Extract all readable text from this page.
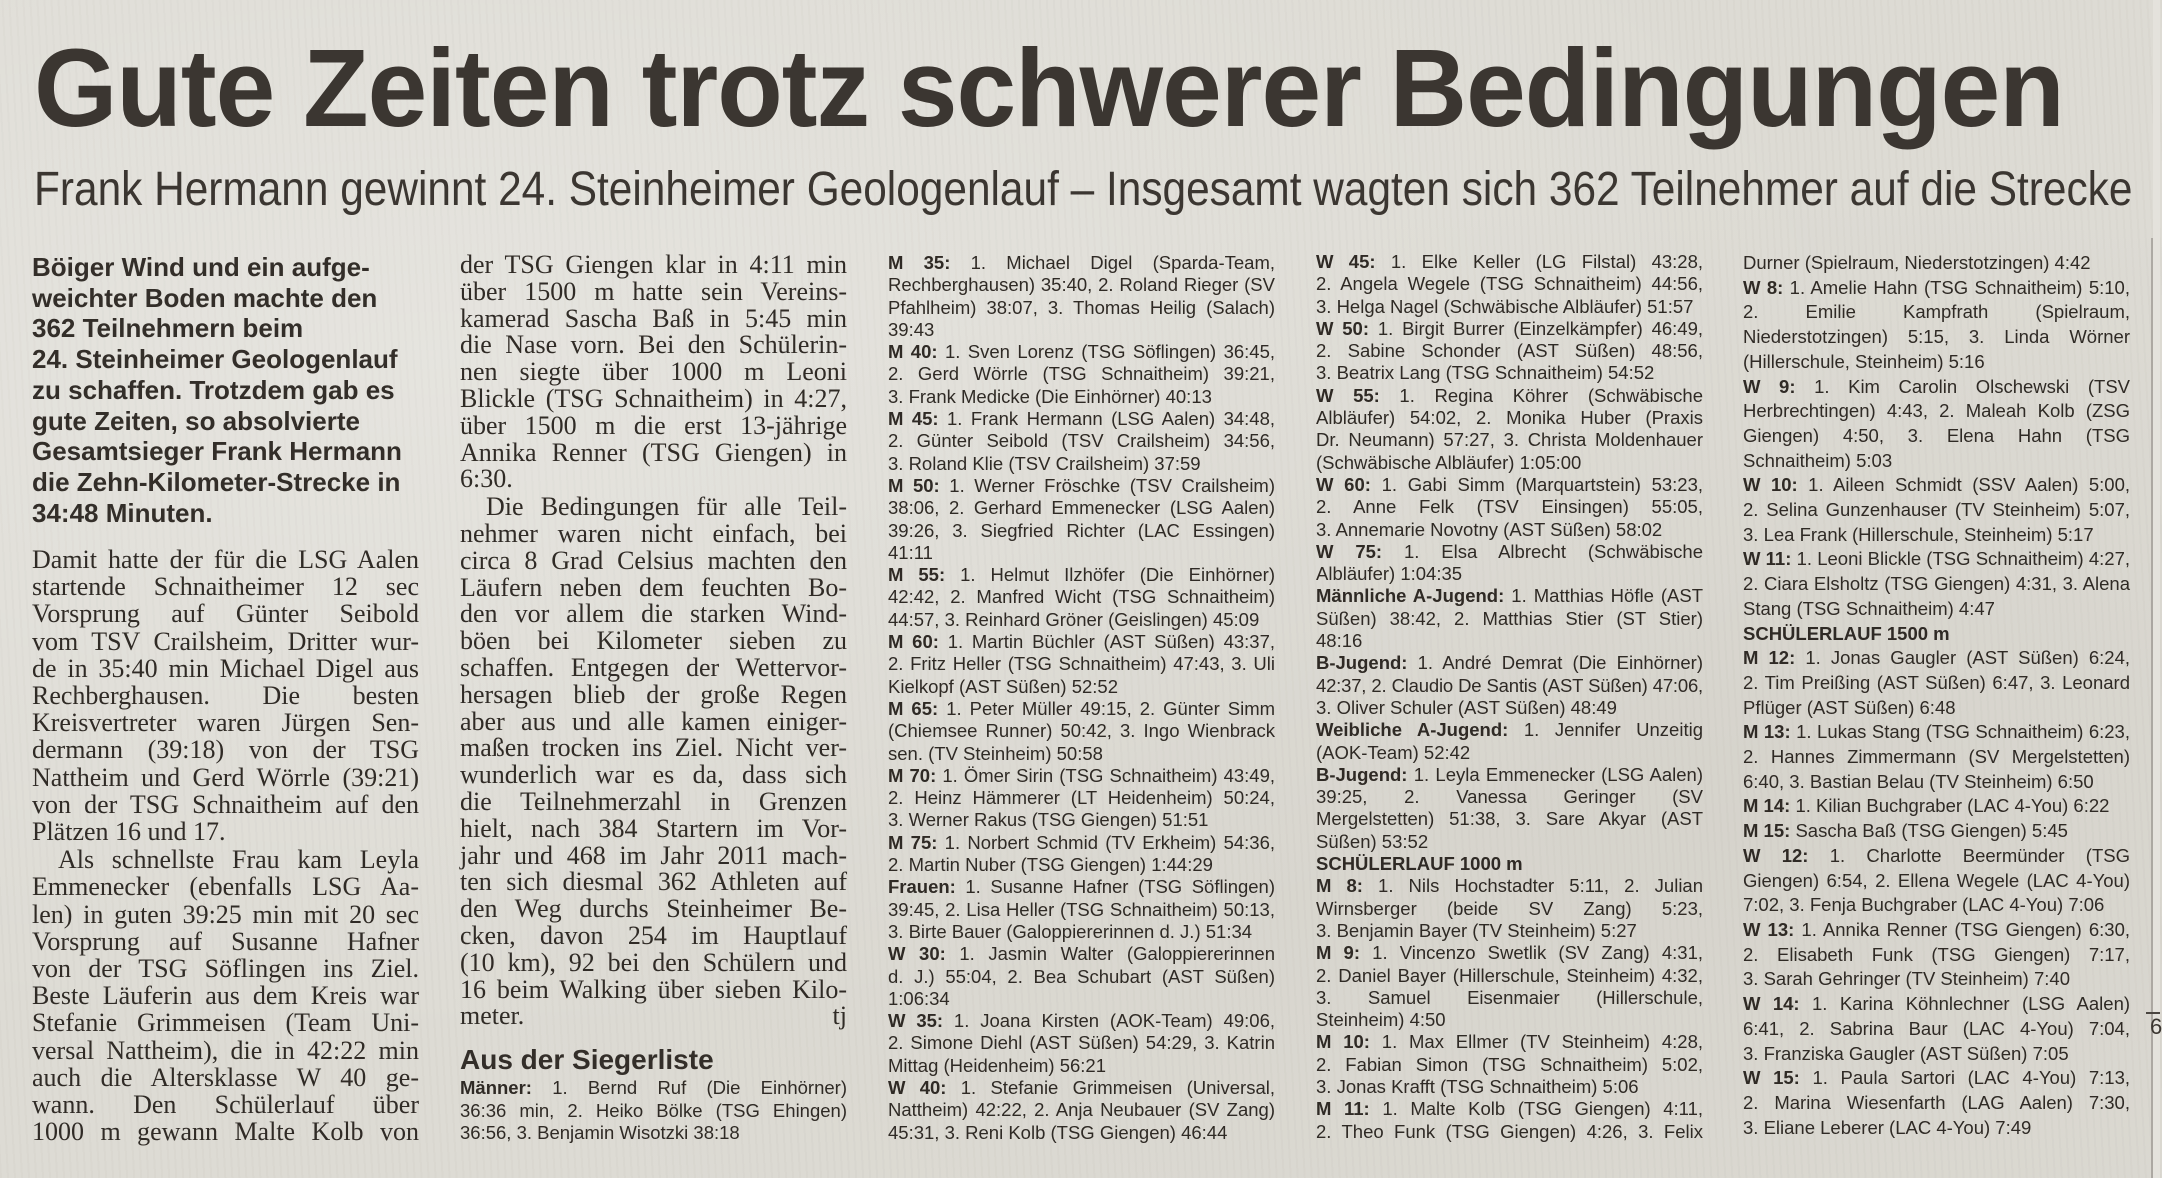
Gute Zeiten trotz schwerer Bedingungen
Frank Hermann gewinnt 24. Steinheimer Geologenlauf – Insgesamt wagten sich 362 Teilnehmer auf die Strecke
Böiger Wind und ein aufge-
weichter Boden machte den
362 Teilnehmern beim
24. Steinheimer Geologenlauf
zu schaffen. Trotzdem gab es
gute Zeiten, so absolvierte
Gesamtsieger Frank Hermann
die Zehn-Kilometer-Strecke in
34:48 Minuten.
Damit hatte der für die LSG Aalen
startende Schnaitheimer 12 sec
Vorsprung auf Günter Seibold
vom TSV Crailsheim, Dritter wur-
de in 35:40 min Michael Digel aus
Rechberghausen. Die besten
Kreisvertreter waren Jürgen Sen-
dermann (39:18) von der TSG
Nattheim und Gerd Wörrle (39:21)
von der TSG Schnaitheim auf den
Plätzen 16 und 17.
Als schnellste Frau kam Leyla
Emmenecker (ebenfalls LSG Aa-
len) in guten 39:25 min mit 20 sec
Vorsprung auf Susanne Hafner
von der TSG Söflingen ins Ziel.
Beste Läuferin aus dem Kreis war
Stefanie Grimmeisen (Team Uni-
versal Nattheim), die in 42:22 min
auch die Altersklasse W 40 ge-
wann. Den Schülerlauf über
1000 m gewann Malte Kolb von
der TSG Giengen klar in 4:11 min
über 1500 m hatte sein Vereins-
kamerad Sascha Baß in 5:45 min
die Nase vorn. Bei den Schülerin-
nen siegte über 1000 m Leoni
Blickle (TSG Schnaitheim) in 4:27,
über 1500 m die erst 13-jährige
Annika Renner (TSG Giengen) in
6:30.
Die Bedingungen für alle Teil-
nehmer waren nicht einfach, bei
circa 8 Grad Celsius machten den
Läufern neben dem feuchten Bo-
den vor allem die starken Wind-
böen bei Kilometer sieben zu
schaffen. Entgegen der Wettervor-
hersagen blieb der große Regen
aber aus und alle kamen einiger-
maßen trocken ins Ziel. Nicht ver-
wunderlich war es da, dass sich
die Teilnehmerzahl in Grenzen
hielt, nach 384 Startern im Vor-
jahr und 468 im Jahr 2011 mach-
ten sich diesmal 362 Athleten auf
den Weg durchs Steinheimer Be-
cken, davon 254 im Hauptlauf
(10 km), 92 bei den Schülern und
16 beim Walking über sieben Kilo-
meter.	tj
Aus der Siegerliste
Männer: 1. Bernd Ruf (Die Einhörner)
36:36 min, 2. Heiko Bölke (TSG Ehingen)
36:56, 3. Benjamin Wisotzki 38:18
M 35: 1. Michael Digel (Sparda-Team,
Rechberghausen) 35:40, 2. Roland Rieger (SV
Pfahlheim) 38:07, 3. Thomas Heilig (Salach)
39:43
M 40: 1. Sven Lorenz (TSG Söflingen) 36:45,
2. Gerd Wörrle (TSG Schnaitheim) 39:21,
3. Frank Medicke (Die Einhörner) 40:13
M 45: 1. Frank Hermann (LSG Aalen) 34:48,
2. Günter Seibold (TSV Crailsheim) 34:56,
3. Roland Klie (TSV Crailsheim) 37:59
M 50: 1. Werner Fröschke (TSV Crailsheim)
38:06, 2. Gerhard Emmenecker (LSG Aalen)
39:26, 3. Siegfried Richter (LAC Essingen)
41:11
M 55: 1. Helmut Ilzhöfer (Die Einhörner)
42:42, 2. Manfred Wicht (TSG Schnaitheim)
44:57, 3. Reinhard Gröner (Geislingen) 45:09
M 60: 1. Martin Büchler (AST Süßen) 43:37,
2. Fritz Heller (TSG Schnaitheim) 47:43, 3. Uli
Kielkopf (AST Süßen) 52:52
M 65: 1. Peter Müller 49:15, 2. Günter Simm
(Chiemsee Runner) 50:42, 3. Ingo Wienbrack
sen. (TV Steinheim) 50:58
M 70: 1. Ömer Sirin (TSG Schnaitheim) 43:49,
2. Heinz Hämmerer (LT Heidenheim) 50:24,
3. Werner Rakus (TSG Giengen) 51:51
M 75: 1. Norbert Schmid (TV Erkheim) 54:36,
2. Martin Nuber (TSG Giengen) 1:44:29
Frauen: 1. Susanne Hafner (TSG Söflingen)
39:45, 2. Lisa Heller (TSG Schnaitheim) 50:13,
3. Birte Bauer (Galoppiererinnen d. J.) 51:34
W 30: 1. Jasmin Walter (Galoppiererinnen
d. J.) 55:04, 2. Bea Schubart (AST Süßen)
1:06:34
W 35: 1. Joana Kirsten (AOK-Team) 49:06,
2. Simone Diehl (AST Süßen) 54:29, 3. Katrin
Mittag (Heidenheim) 56:21
W 40: 1. Stefanie Grimmeisen (Universal,
Nattheim) 42:22, 2. Anja Neubauer (SV Zang)
45:31, 3. Reni Kolb (TSG Giengen) 46:44
W 45: 1. Elke Keller (LG Filstal) 43:28,
2. Angela Wegele (TSG Schnaitheim) 44:56,
3. Helga Nagel (Schwäbische Albläufer) 51:57
W 50: 1. Birgit Burrer (Einzelkämpfer) 46:49,
2. Sabine Schonder (AST Süßen) 48:56,
3. Beatrix Lang (TSG Schnaitheim) 54:52
W 55: 1. Regina Köhrer (Schwäbische
Albläufer) 54:02, 2. Monika Huber (Praxis
Dr. Neumann) 57:27, 3. Christa Moldenhauer
(Schwäbische Albläufer) 1:05:00
W 60: 1. Gabi Simm (Marquartstein) 53:23,
2. Anne Felk (TSV Einsingen) 55:05,
3. Annemarie Novotny (AST Süßen) 58:02
W 75: 1. Elsa Albrecht (Schwäbische
Albläufer) 1:04:35
Männliche A-Jugend: 1. Matthias Höfle (AST
Süßen) 38:42, 2. Matthias Stier (ST Stier)
48:16
B-Jugend: 1. André Demrat (Die Einhörner)
42:37, 2. Claudio De Santis (AST Süßen) 47:06,
3. Oliver Schuler (AST Süßen) 48:49
Weibliche A-Jugend: 1. Jennifer Unzeitig
(AOK-Team) 52:42
B-Jugend: 1. Leyla Emmenecker (LSG Aalen)
39:25, 2. Vanessa Geringer (SV
Mergelstetten) 51:38, 3. Sare Akyar (AST
Süßen) 53:52
SCHÜLERLAUF 1000 m
M 8: 1. Nils Hochstadter 5:11, 2. Julian
Wirnsberger (beide SV Zang) 5:23,
3. Benjamin Bayer (TV Steinheim) 5:27
M 9: 1. Vincenzo Swetlik (SV Zang) 4:31,
2. Daniel Bayer (Hillerschule, Steinheim) 4:32,
3. Samuel Eisenmaier (Hillerschule,
Steinheim) 4:50
M 10: 1. Max Ellmer (TV Steinheim) 4:28,
2. Fabian Simon (TSG Schnaitheim) 5:02,
3. Jonas Krafft (TSG Schnaitheim) 5:06
M 11: 1. Malte Kolb (TSG Giengen) 4:11,
2. Theo Funk (TSG Giengen) 4:26, 3. Felix
Durner (Spielraum, Niederstotzingen) 4:42
W 8: 1. Amelie Hahn (TSG Schnaitheim) 5:10,
2. Emilie Kampfrath (Spielraum,
Niederstotzingen) 5:15, 3. Linda Wörner
(Hillerschule, Steinheim) 5:16
W 9: 1. Kim Carolin Olschewski (TSV
Herbrechtingen) 4:43, 2. Maleah Kolb (ZSG
Giengen) 4:50, 3. Elena Hahn (TSG
Schnaitheim) 5:03
W 10: 1. Aileen Schmidt (SSV Aalen) 5:00,
2. Selina Gunzenhauser (TV Steinheim) 5:07,
3. Lea Frank (Hillerschule, Steinheim) 5:17
W 11: 1. Leoni Blickle (TSG Schnaitheim) 4:27,
2. Ciara Elsholtz (TSG Giengen) 4:31, 3. Alena
Stang (TSG Schnaitheim) 4:47
SCHÜLERLAUF 1500 m
M 12: 1. Jonas Gaugler (AST Süßen) 6:24,
2. Tim Preißing (AST Süßen) 6:47, 3. Leonard
Pflüger (AST Süßen) 6:48
M 13: 1. Lukas Stang (TSG Schnaitheim) 6:23,
2. Hannes Zimmermann (SV Mergelstetten)
6:40, 3. Bastian Belau (TV Steinheim) 6:50
M 14: 1. Kilian Buchgraber (LAC 4-You) 6:22
M 15: Sascha Baß (TSG Giengen) 5:45
W 12: 1. Charlotte Beermünder (TSG
Giengen) 6:54, 2. Ellena Wegele (LAC 4-You)
7:02, 3. Fenja Buchgraber (LAC 4-You) 7:06
W 13: 1. Annika Renner (TSG Giengen) 6:30,
2. Elisabeth Funk (TSG Giengen) 7:17,
3. Sarah Gehringer (TV Steinheim) 7:40
W 14: 1. Karina Köhnlechner (LSG Aalen)
6:41, 2. Sabrina Baur (LAC 4-You) 7:04,
3. Franziska Gaugler (AST Süßen) 7:05
W 15: 1. Paula Sartori (LAC 4-You) 7:13,
2. Marina Wiesenfarth (LAG Aalen) 7:30,
3. Eliane Leberer (LAC 4-You) 7:49
6
